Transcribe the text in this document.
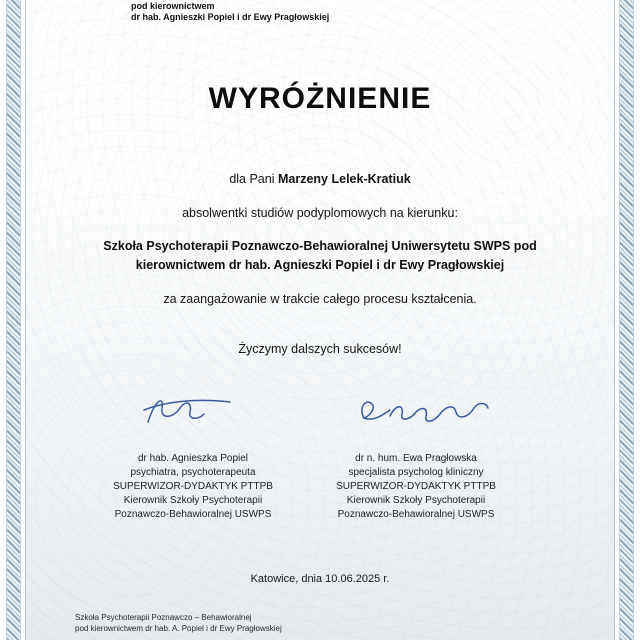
pod kierownictwem
dr hab. Agnieszki Popiel i dr Ewy Pragłowskiej
WYRÓŻNIENIE
dla Pani Marzeny Lelek-Kratiuk
absolwentki studiów podyplomowych na kierunku:
Szkoła Psychoterapii Poznawczo-Behawioralnej Uniwersytetu SWPS pod kierownictwem dr hab. Agnieszki Popiel i dr Ewy Pragłowskiej
za zaangażowanie w trakcie całego procesu kształcenia.
Życzymy dalszych sukcesów!
dr hab. Agnieszka Popiel
psychiatra, psychoterapeuta
SUPERWIZOR-DYDAKTYK PTTPB
Kierownik Szkoły Psychoterapii
Poznawczo-Behawioralnej USWPS
dr n. hum. Ewa Pragłowska
specjalista psycholog kliniczny
SUPERWIZOR-DYDAKTYK PTTPB
Kierownik Szkoły Psychoterapii
Poznawczo-Behawioralnej USWPS
Katowice, dnia 10.06.2025 r.
Szkoła Psychoterapii Poznawczo – Behawioralnej
pod kierownictwem dr hab. A. Popiel i dr Ewy Pragłowskiej
